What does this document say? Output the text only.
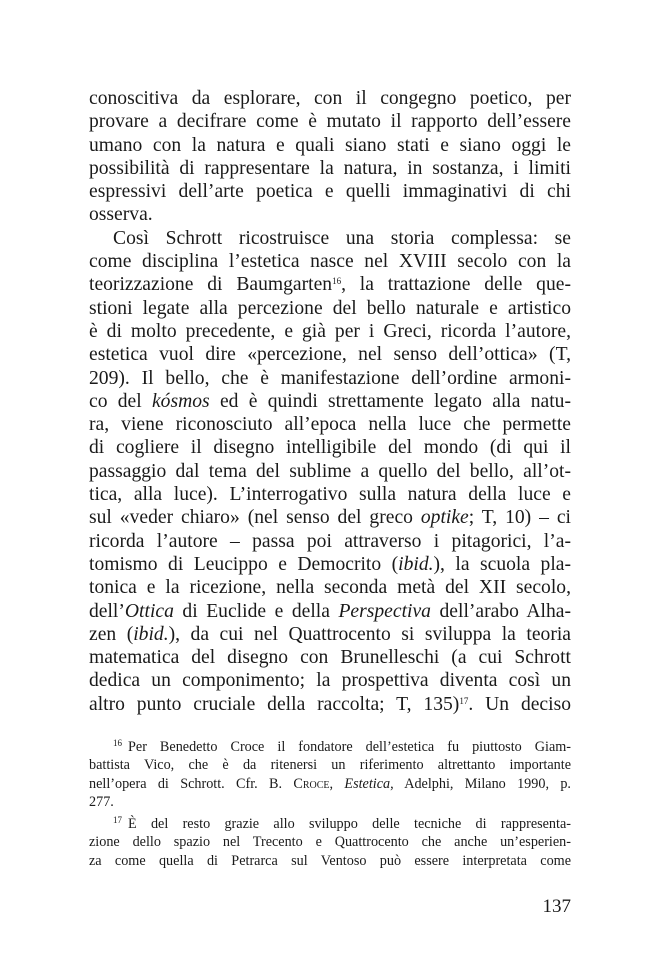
conoscitiva da esplorare, con il congegno poetico, per
provare a decifrare come è mutato il rapporto dell’essere
umano con la natura e quali siano stati e siano oggi le
possibilità di rappresentare la natura, in sostanza, i limiti
espressivi dell’arte poetica e quelli immaginativi di chi
osserva.
Così Schrott ricostruisce una storia complessa: se
come disciplina l’estetica nasce nel XVIII secolo con la
teorizzazione di Baumgarten$^{16}$, la trattazione delle que-
stioni legate alla percezione del bello naturale e artistico
è di molto precedente, e già per i Greci, ricorda l’autore,
estetica vuol dire «percezione, nel senso dell’ottica» (T,
209). Il bello, che è manifestazione dell’ordine armoni-
co del kósmos ed è quindi strettamente legato alla natu-
ra, viene riconosciuto all’epoca nella luce che permette
di cogliere il disegno intelligibile del mondo (di qui il
passaggio dal tema del sublime a quello del bello, all’ot-
tica, alla luce). L’interrogativo sulla natura della luce e
sul «veder chiaro» (nel senso del greco optike; T, 10) – ci
ricorda l’autore – passa poi attraverso i pitagorici, l’a-
tomismo di Leucippo e Democrito (ibid.), la scuola pla-
tonica e la ricezione, nella seconda metà del XII secolo,
dell’Ottica di Euclide e della Perspectiva dell’arabo Alha-
zen (ibid.), da cui nel Quattrocento si sviluppa la teoria
matematica del disegno con Brunelleschi (a cui Schrott
dedica un componimento; la prospettiva diventa così un
altro punto cruciale della raccolta; T, 135)$^{17}$. Un deciso
$^{16}$ Per Benedetto Croce il fondatore dell’estetica fu piuttosto Giam-
battista Vico, che è da ritenersi un riferimento altrettanto importante
nell’opera di Schrott. Cfr. B. Croce, Estetica, Adelphi, Milano 1990, p.
277.
$^{17}$ È del resto grazie allo sviluppo delle tecniche di rappresenta-
zione dello spazio nel Trecento e Quattrocento che anche un’esperien-
za come quella di Petrarca sul Ventoso può essere interpretata come
137
